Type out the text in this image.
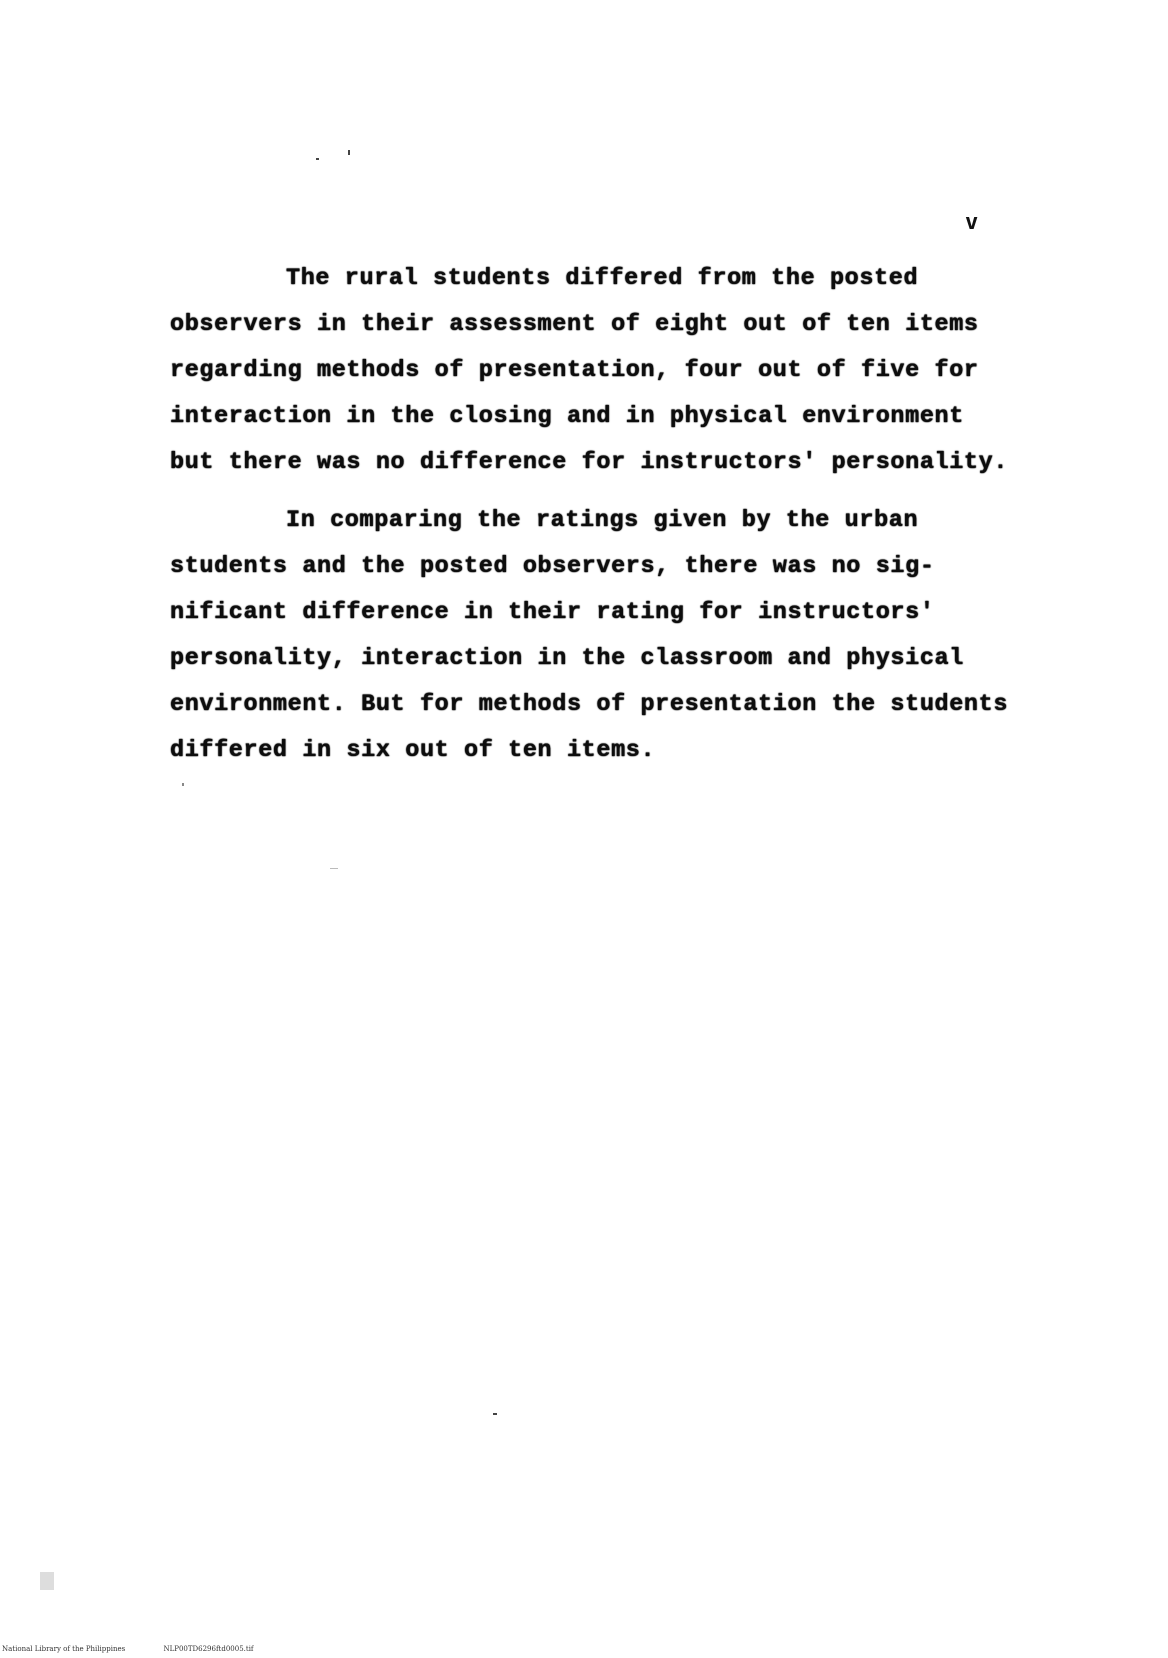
v
The rural students differed from the posted
observers in their assessment of eight out of ten items
regarding methods of presentation, four out of five for
interaction in the closing and in physical environment
but there was no difference for instructors' personality.
In comparing the ratings given by the urban
students and the posted observers, there was no sig-
nificant difference in their rating for instructors'
personality, interaction in the classroom and physical
environment. But for methods of presentation the students
differed in six out of ten items.
National Library of the Philippines	NLP00TD6296ftd0005.tif
